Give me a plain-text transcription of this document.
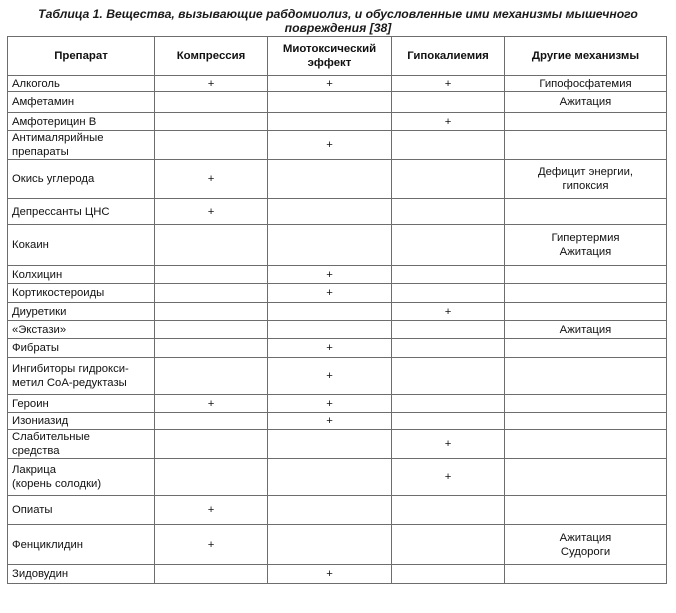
Таблица 1. Вещества, вызывающие рабдомиолиз, и обусловленные ими механизмы мышечного
повреждения [38]
Препарат	Компрессия	Миотоксический эффект	Гипокалиемия	Другие механизмы
Алкоголь	+	+	+	Гипофосфатемия
Амфетамин				Ажитация
Амфотерицин В			+	
Антималярийные
препараты		+		
Окись углерода	+			Дефицит энергии,
гипоксия
Депрессанты ЦНС	+			
Кокаин				Гипертермия
Ажитация
Колхицин		+		
Кортикостероиды		+		
Диуретики			+	
«Экстази»				Ажитация
Фибраты		+		
Ингибиторы гидрокси-
метил CoA-редуктазы		+		
Героин	+	+		
Изониазид		+		
Слабительные
средства			+	
Лакрица
(корень солодки)			+	
Опиаты	+			
Фенциклидин	+			Ажитация
Судороги
Зидовудин		+		
